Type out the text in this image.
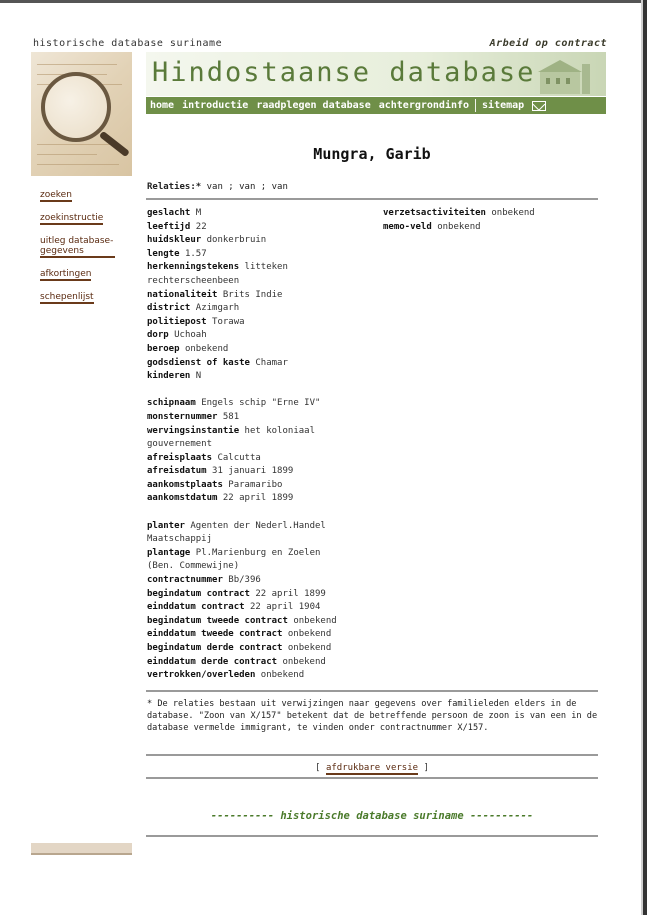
historische database suriname	Arbeid op contract
Hindostaanse database
home introductie raadplegen database achtergrondinfo	sitemap
zoeken
zoekinstructie
uitleg database-gegevens
afkortingen
schepenlijst
Mungra, Garib
Relaties:* van ; van ; van
geslacht M
leeftijd 22
huidskleur donkerbruin
lengte 1.57
herkenningstekens litteken
rechterscheenbeen
nationaliteit Brits Indie
district Azimgarh
politiepost Torawa
dorp Uchoah
beroep onbekend
godsdienst of kaste Chamar
kinderen N
schipnaam Engels schip "Erne IV"
monsternummer 581
wervingsinstantie het koloniaal
gouvernement
afreisplaats Calcutta
afreisdatum 31 januari 1899
aankomstplaats Paramaribo
aankomstdatum 22 april 1899
planter Agenten der Nederl.Handel
Maatschappij
plantage Pl.Marienburg en Zoelen
(Ben. Commewijne)
contractnummer Bb/396
begindatum contract 22 april 1899
einddatum contract 22 april 1904
begindatum tweede contract onbekend
einddatum tweede contract onbekend
begindatum derde contract onbekend
einddatum derde contract onbekend
vertrokken/overleden onbekend
verzetsactiviteiten onbekend
memo-veld onbekend
* De relaties bestaan uit verwijzingen naar gegevens over familieleden elders in de database. "Zoon van X/157" betekent dat de betreffende persoon de zoon is van een in de database vermelde immigrant, te vinden onder contractnummer X/157.
[ afdrukbare versie ]
---------- historische database suriname ----------
